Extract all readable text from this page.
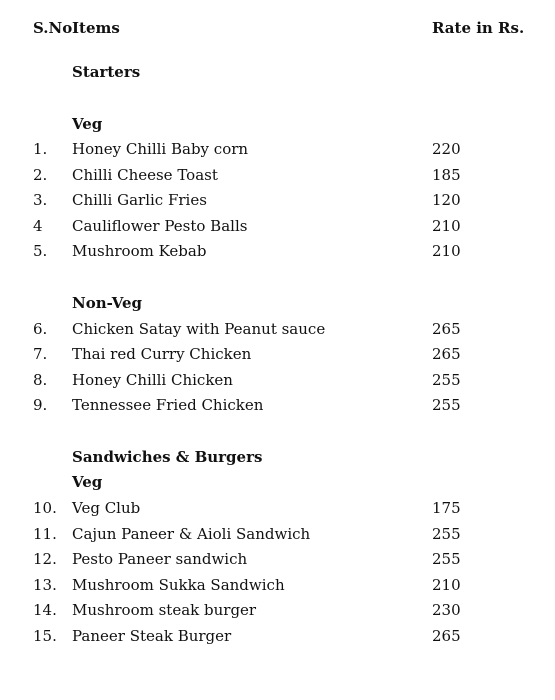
S.No Items	Rate in Rs.
Starters
Veg
1. Honey Chilli Baby corn	220
2. Chilli Cheese Toast	185
3. Chilli Garlic Fries	120
4 Cauliflower Pesto Balls	210
5. Mushroom Kebab	210
Non-Veg
6. Chicken Satay with Peanut sauce	265
7. Thai red Curry Chicken	265
8. Honey Chilli Chicken	255
9. Tennessee Fried Chicken	255
Sandwiches & Burgers
Veg
10. Veg Club	175
11. Cajun Paneer & Aioli Sandwich	255
12. Pesto Paneer sandwich	255
13. Mushroom Sukka Sandwich	210
14. Mushroom steak burger	230
15. Paneer Steak Burger	265
